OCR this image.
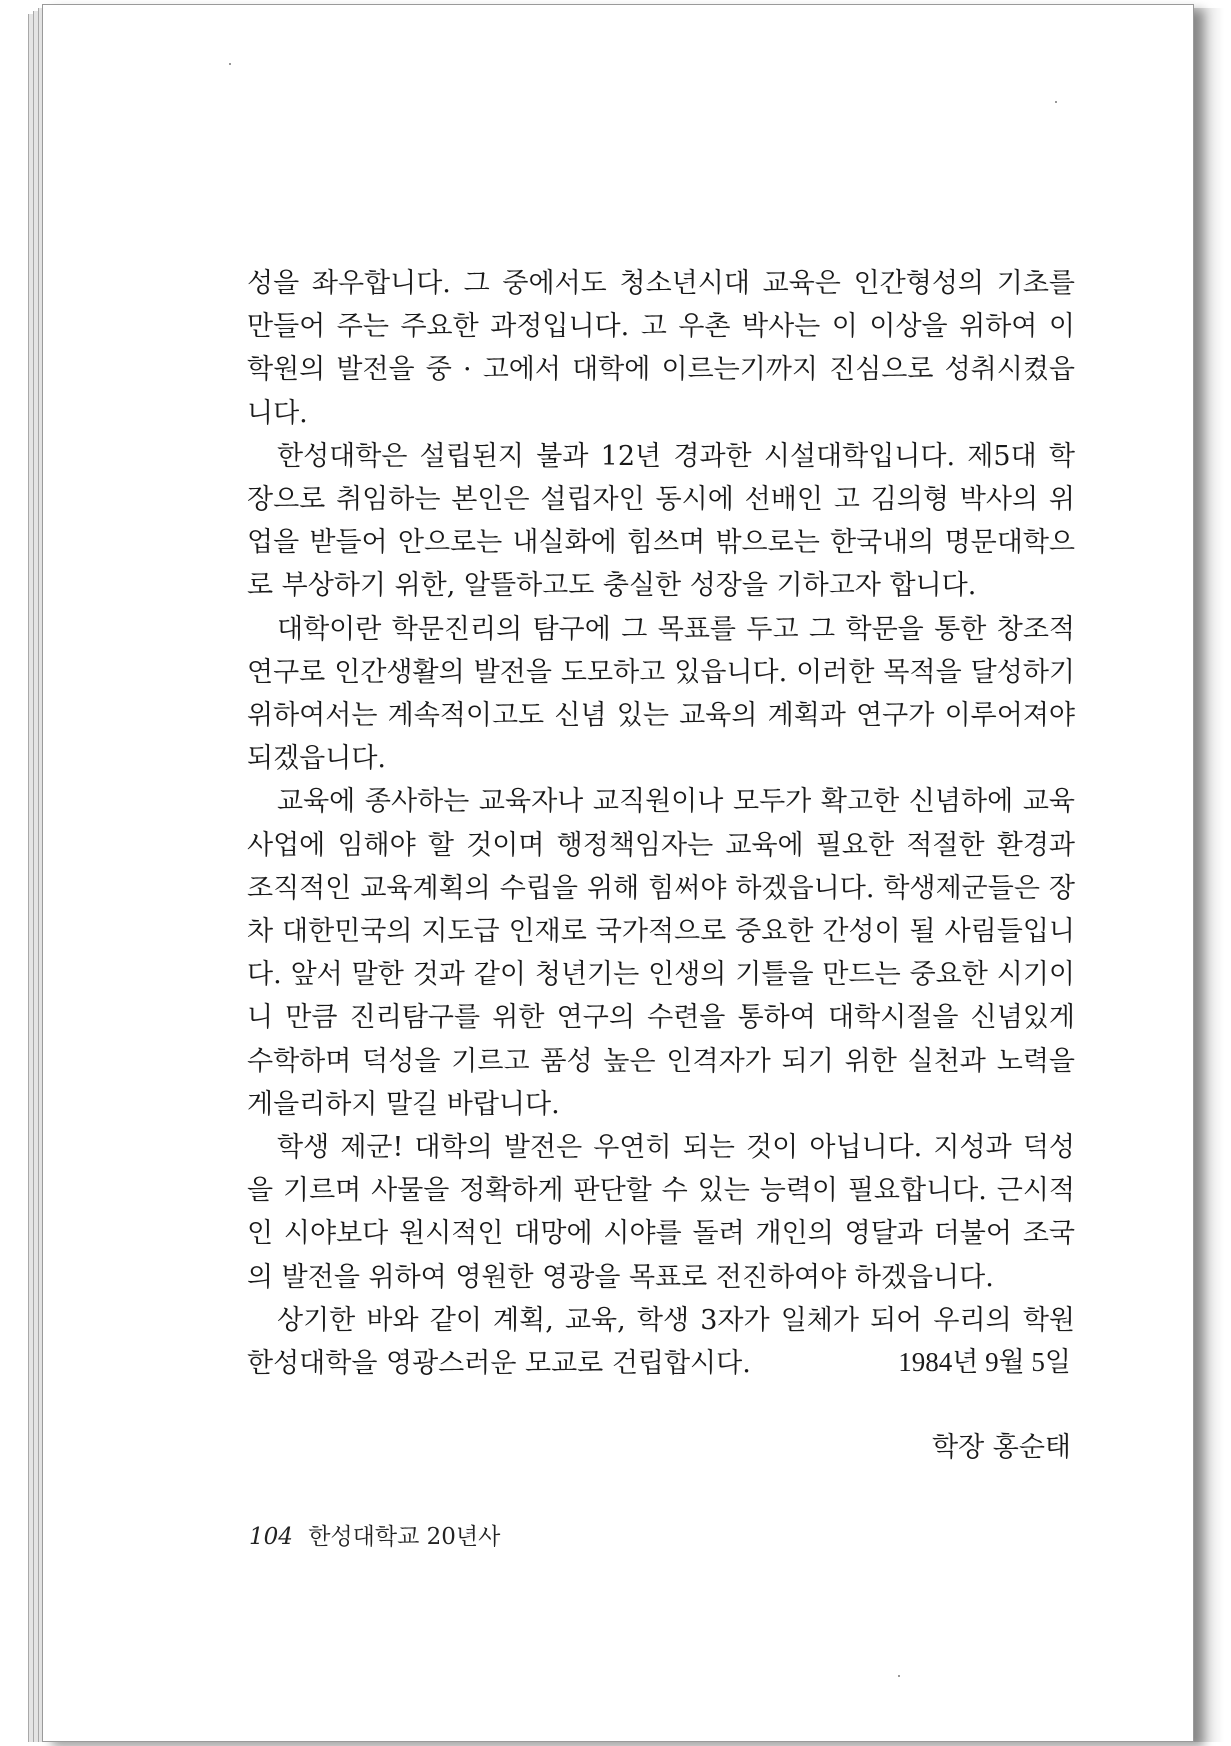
성을 좌우합니다. 그 중에서도 청소년시대 교육은 인간형성의 기초를 만들어 주는 주요한 과정입니다. 고 우촌 박사는 이 이상을 위하여 이 학원의 발전을 중 · 고에서 대학에 이르는기까지 진심으로 성취시켰읍니다.

한성대학은 설립된지 불과 12년 경과한 시설대학입니다. 제5대 학장으로 취임하는 본인은 설립자인 동시에 선배인 고 김의형 박사의 위업을 받들어 안으로는 내실화에 힘쓰며 밖으로는 한국내의 명문대학으로 부상하기 위한, 알뜰하고도 충실한 성장을 기하고자 합니다.

대학이란 학문진리의 탐구에 그 목표를 두고 그 학문을 통한 창조적 연구로 인간생활의 발전을 도모하고 있읍니다. 이러한 목적을 달성하기 위하여서는 계속적이고도 신념 있는 교육의 계획과 연구가 이루어져야 되겠읍니다.

교육에 종사하는 교육자나 교직원이나 모두가 확고한 신념하에 교육사업에 임해야 할 것이며 행정책임자는 교육에 필요한 적절한 환경과 조직적인 교육계획의 수립을 위해 힘써야 하겠읍니다. 학생제군들은 장차 대한민국의 지도급 인재로 국가적으로 중요한 간성이 될 사림들입니다. 앞서 말한 것과 같이 청년기는 인생의 기틀을 만드는 중요한 시기이니 만큼 진리탐구를 위한 연구의 수련을 통하여 대학시절을 신념있게 수학하며 덕성을 기르고 품성 높은 인격자가 되기 위한 실천과 노력을 게을리하지 말길 바랍니다.

학생 제군! 대학의 발전은 우연히 되는 것이 아닙니다. 지성과 덕성을 기르며 사물을 정확하게 판단할 수 있는 능력이 필요합니다. 근시적인 시야보다 원시적인 대망에 시야를 돌려 개인의 영달과 더불어 조국의 발전을 위하여 영원한 영광을 목표로 전진하여야 하겠읍니다.

상기한 바와 같이 계획, 교육, 학생 3자가 일체가 되어 우리의 학원 한성대학을 영광스러운 모교로 건립합시다.	1984년 9월 5일
학장 홍순태
104 한성대학교 20년사
